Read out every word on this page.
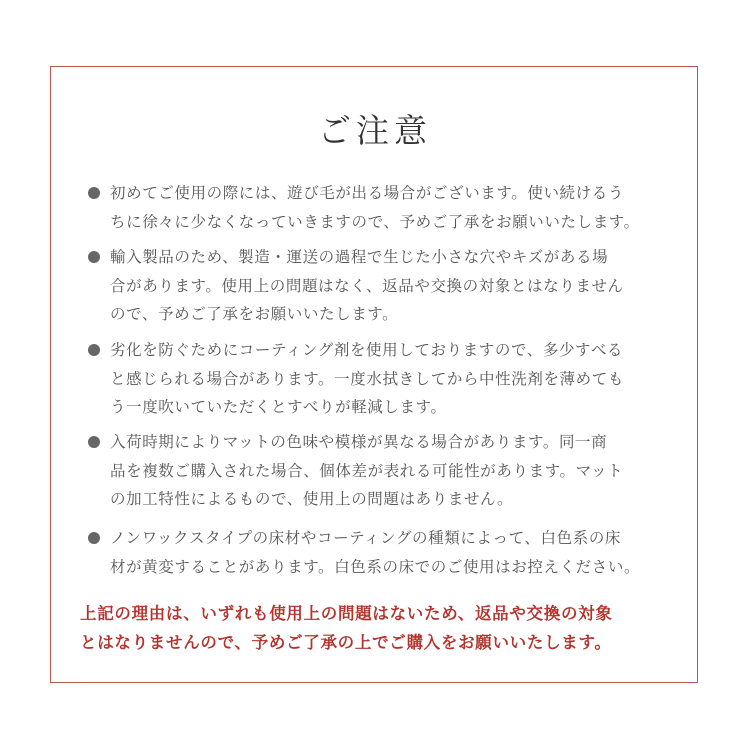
ご注意
初めてご使用の際には、遊び毛が出る場合がございます。使い続けるう
ちに徐々に少なくなっていきますので、予めご了承をお願いいたします。
輸入製品のため、製造・運送の過程で生じた小さな穴やキズがある場
合があります。使用上の問題はなく、返品や交換の対象とはなりません
ので、予めご了承をお願いいたします。
劣化を防ぐためにコーティング剤を使用しておりますので、多少すべる
と感じられる場合があります。一度水拭きしてから中性洗剤を薄めても
う一度吹いていただくとすべりが軽減します。
入荷時期によりマットの色味や模様が異なる場合があります。同一商
品を複数ご購入された場合、個体差が表れる可能性があります。マット
の加工特性によるもので、使用上の問題はありません。
ノンワックスタイプの床材やコーティングの種類によって、白色系の床
材が黄変することがあります。白色系の床でのご使用はお控えください。
上記の理由は、いずれも使用上の問題はないため、返品や交換の対象
とはなりませんので、予めご了承の上でご購入をお願いいたします。
